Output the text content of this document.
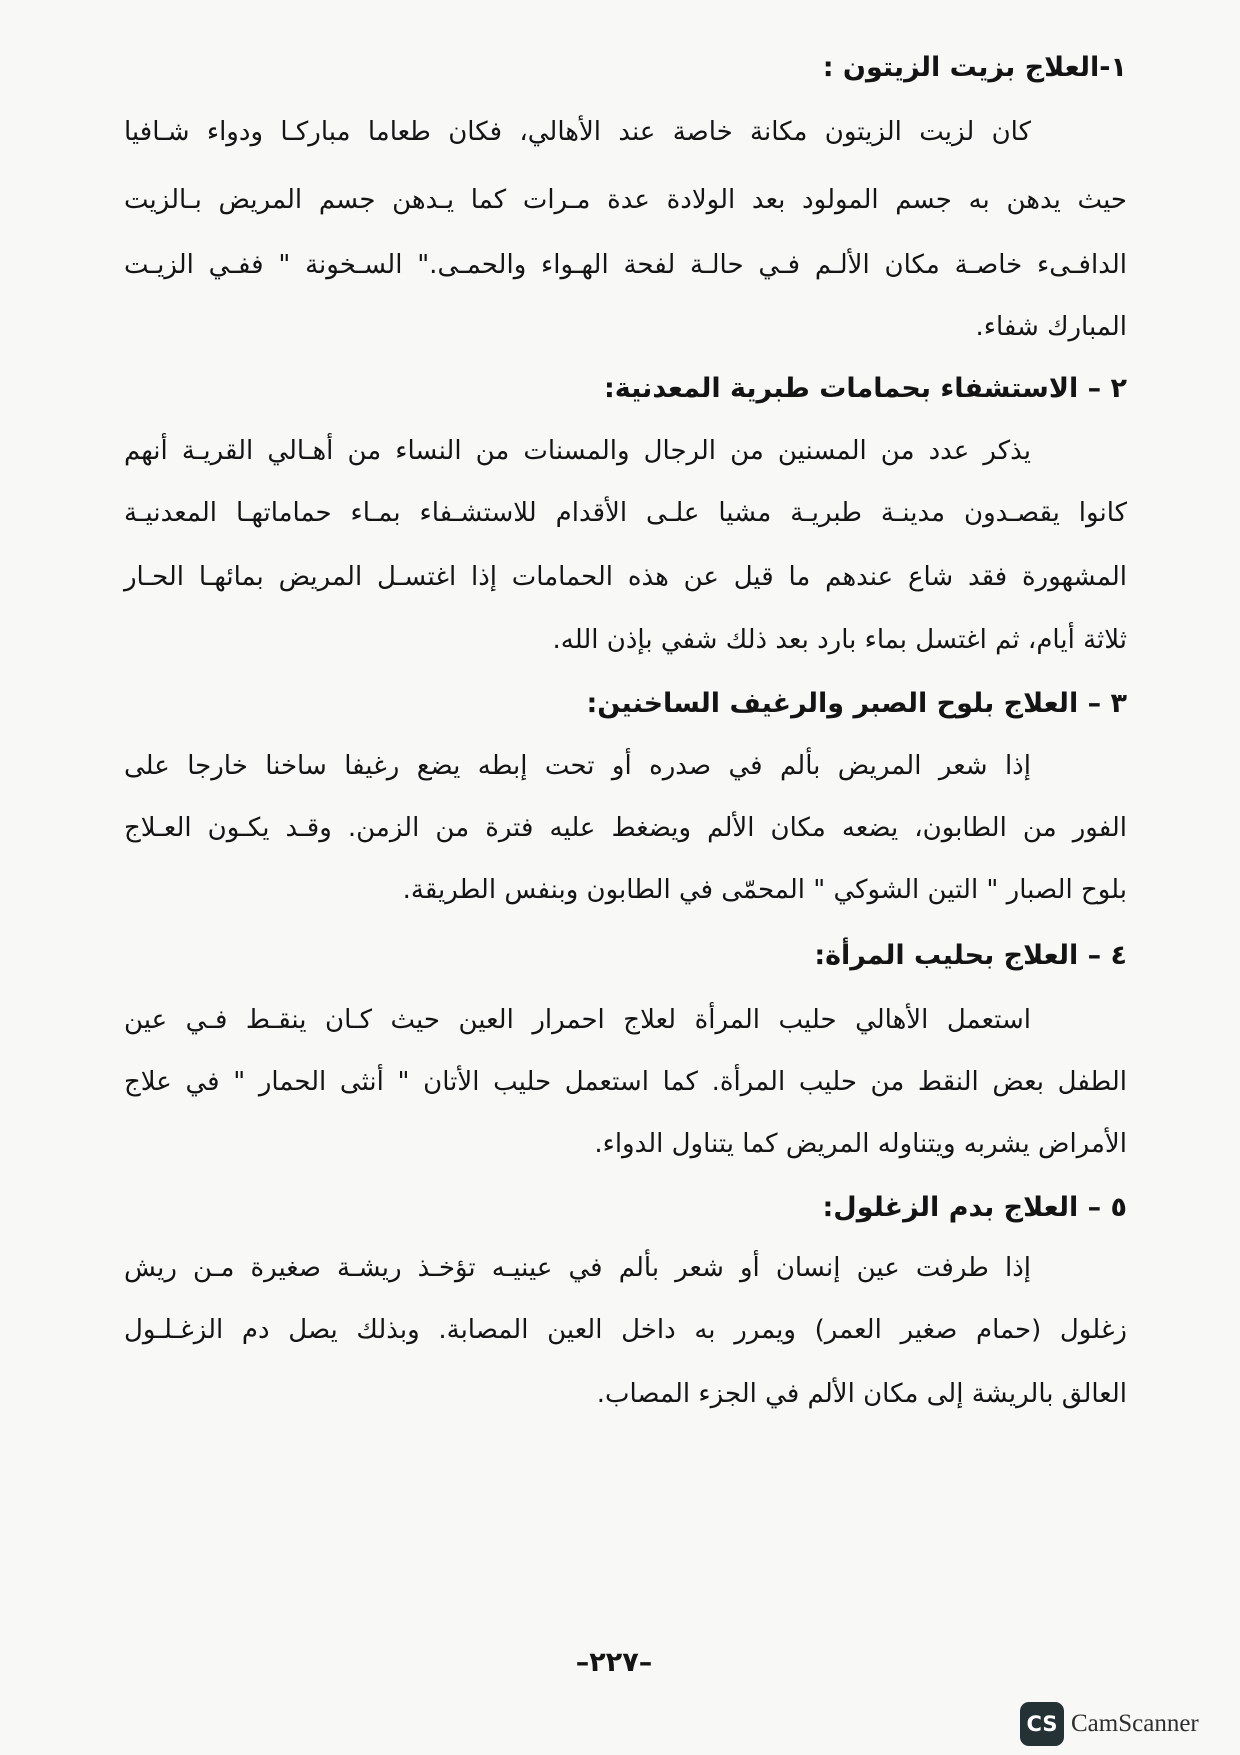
١-العلاج بزيت الزيتون :
كان لزيت الزيتون مكانة خاصة عند الأهالي، فكان طعاما مباركـا ودواء شـافيا
حيث يدهن به جسم المولود بعد الولادة عدة مـرات كما يـدهن جسم المريض بـالزيت
الدافـىء خاصـة مكان الألـم فـي حالـة لفحة الهـواء والحمـى." السـخونة " ففـي الزيـت
المبارك شفاء.
٢ – الاستشفاء بحمامات طبرية المعدنية:
يذكر عدد من المسنين من الرجال والمسنات من النساء من أهـالي القريـة أنهم
كانوا يقصـدون مدينـة طبريـة مشيا علـى الأقدام للاستشـفاء بمـاء حماماتهـا المعدنيـة
المشهورة فقد شاع عندهم ما قيل عن هذه الحمامات إذا اغتسـل المريض بمائهـا الحـار
ثلاثة أيام، ثم اغتسل بماء بارد بعد ذلك شفي بإذن الله.
٣ – العلاج بلوح الصبر والرغيف الساخنين:
إذا شعر المريض بألم في صدره أو تحت إبطه يضع رغيفا ساخنا خارجا على
الفور من الطابون، يضعه مكان الألم ويضغط عليه فترة من الزمن. وقـد يكـون العـلاج
بلوح الصبار " التين الشوكي " المحمّى في الطابون وبنفس الطريقة.
٤ – العلاج بحليب المرأة:
استعمل الأهالي حليب المرأة لعلاج احمرار العين حيث كـان ينقـط فـي عين
الطفل بعض النقط من حليب المرأة. كما استعمل حليب الأتان " أنثى الحمار " في علاج
الأمراض يشربه ويتناوله المريض كما يتناول الدواء.
٥ – العلاج بدم الزغلول:
إذا طرفت عين إنسان أو شعر بألم في عينيـه تؤخـذ ريشـة صغيرة مـن ريش
زغلول (حمام صغير العمر) ويمرر به داخل العين المصابة. وبذلك يصل دم الزغـلـول
العالق بالريشة إلى مكان الألم في الجزء المصاب.
–٢٢٧–
CS CamScanner
